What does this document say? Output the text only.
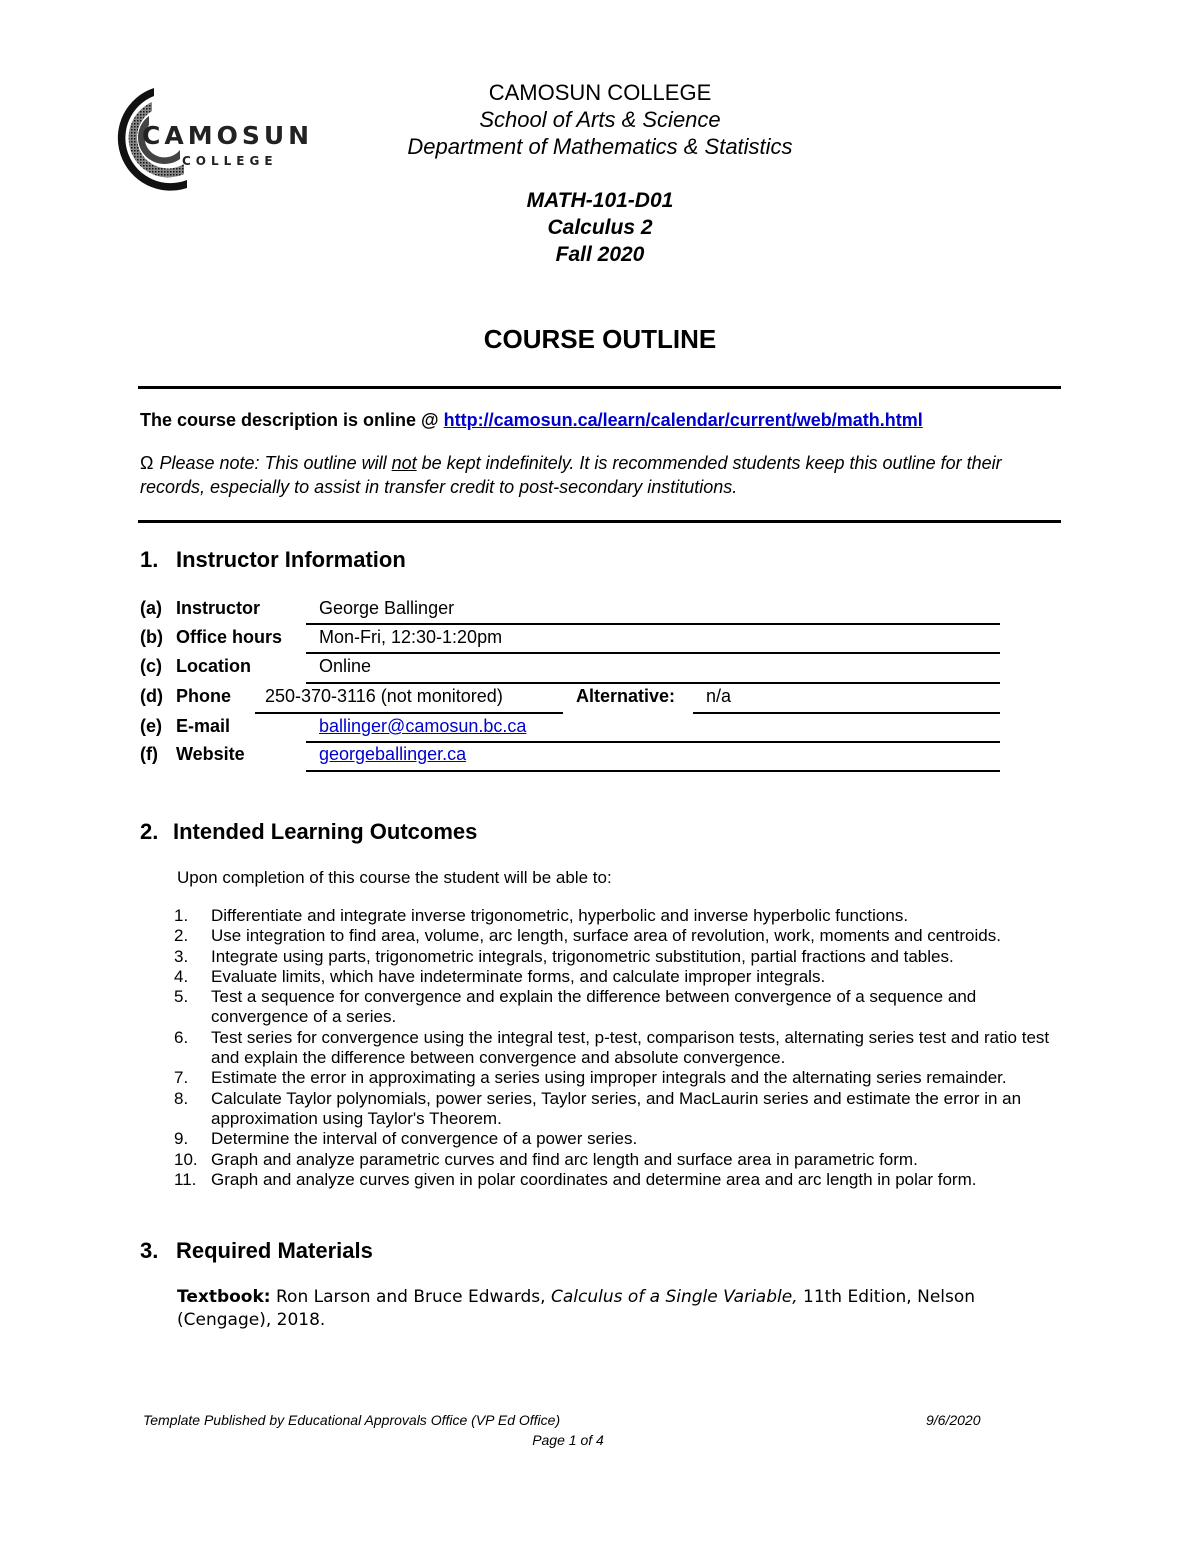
CAMOSUN
COLLEGE
CAMOSUN COLLEGE
School of Arts & Science
Department of Mathematics & Statistics
MATH-101-D01
Calculus 2
Fall 2020
COURSE OUTLINE
The course description is online @ http://camosun.ca/learn/calendar/current/web/math.html
Ω Please note: This outline will not be kept indefinitely. It is recommended students keep this outline for their records, especially to assist in transfer credit to post-secondary institutions.
1. Instructor Information
(a) Instructor	George Ballinger
(b) Office hours Mon-Fri, 12:30-1:20pm
(c) Location	Online
(d) Phone 250-370-3116 (not monitored)	Alternative: n/a
(e) E-mail	ballinger@camosun.bc.ca
(f) Website	georgeballinger.ca
2. Intended Learning Outcomes
Upon completion of this course the student will be able to:
1. Differentiate and integrate inverse trigonometric, hyperbolic and inverse hyperbolic functions.
2. Use integration to find area, volume, arc length, surface area of revolution, work, moments and centroids.
3. Integrate using parts, trigonometric integrals, trigonometric substitution, partial fractions and tables.
4. Evaluate limits, which have indeterminate forms, and calculate improper integrals.
5. Test a sequence for convergence and explain the difference between convergence of a sequence and convergence of a series.
6. Test series for convergence using the integral test, p-test, comparison tests, alternating series test and ratio test and explain the difference between convergence and absolute convergence.
7. Estimate the error in approximating a series using improper integrals and the alternating series remainder.
8. Calculate Taylor polynomials, power series, Taylor series, and MacLaurin series and estimate the error in an approximation using Taylor's Theorem.
9. Determine the interval of convergence of a power series.
10. Graph and analyze parametric curves and find arc length and surface area in parametric form.
11. Graph and analyze curves given in polar coordinates and determine area and arc length in polar form.
3. Required Materials
Textbook: Ron Larson and Bruce Edwards, Calculus of a Single Variable, 11th Edition, Nelson (Cengage), 2018.
Template Published by Educational Approvals Office (VP Ed Office)	9/6/2020
Page 1 of 4
